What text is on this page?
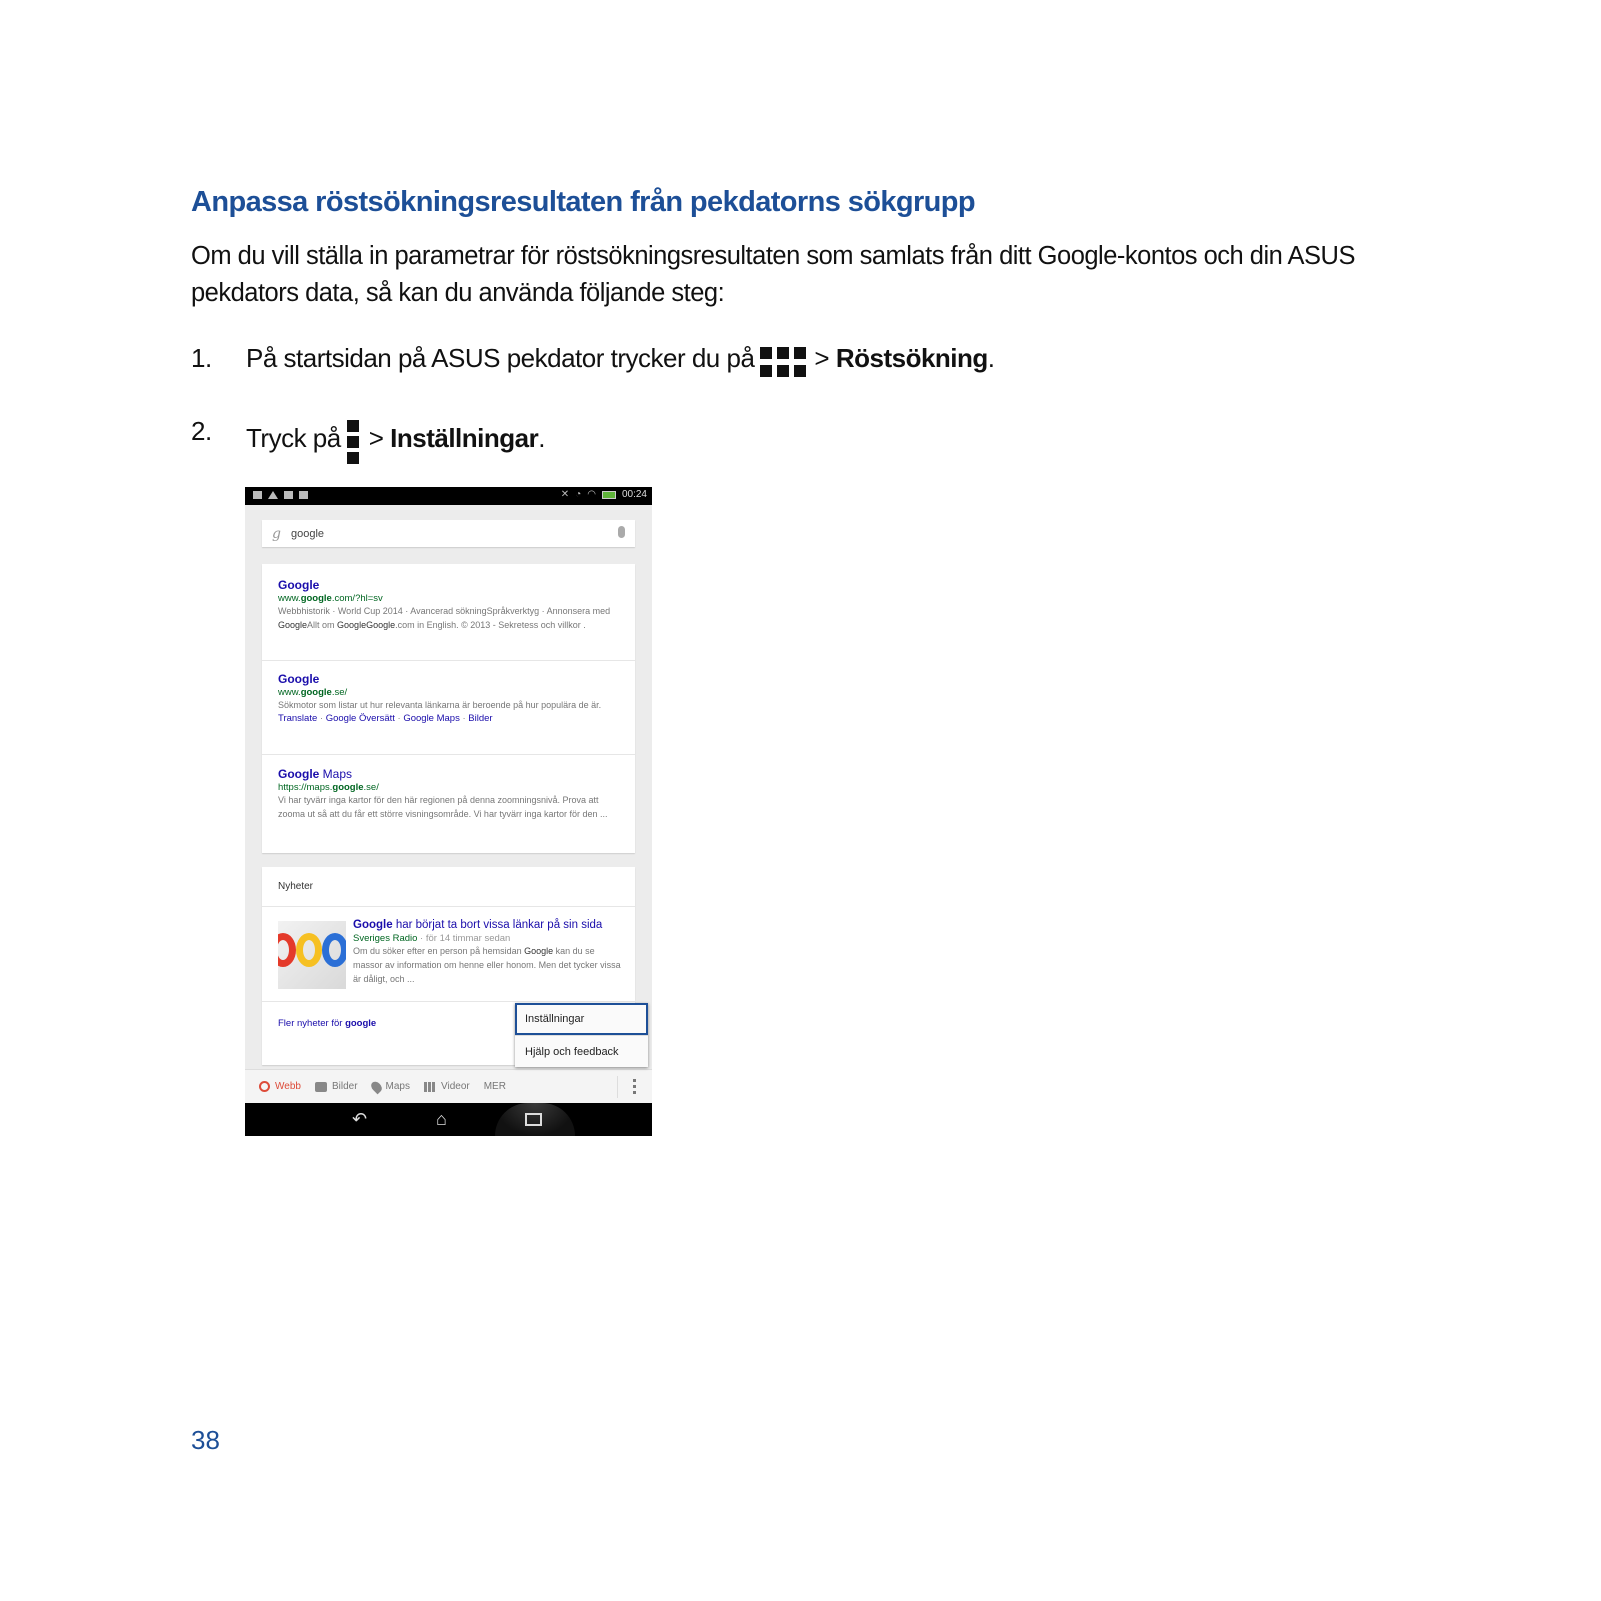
Anpassa röstsökningsresultaten från pekdatorns sökgrupp

Om du vill ställa in parametrar för röstsökningsresultaten som samlats från ditt Google-kontos och din ASUS pekdators data, så kan du använda följande steg:

1. På startsidan på ASUS pekdator trycker du på >
Röstsökning .
2. Tryck på >
Inställningar .
✕ ◔ ◠	00:24
g google
Google
www.google.com/?hl=sv
Webbhistorik · World Cup 2014 · Avancerad sökningSpråkverktyg · Annonsera med GoogleAllt om GoogleGoogle.com in English. © 2013 - Sekretess och villkor .
Google
www.google.se/
Sökmotor som listar ut hur relevanta länkarna är beroende på hur populära de är.
Translate · Google Översätt · Google Maps · Bilder
Google Maps
https://maps.google.se/
Vi har tyvärr inga kartor för den här regionen på denna zoomningsnivå. Prova att zooma ut så att du får ett större visningsområde. Vi har tyvärr inga kartor för den ...
Nyheter
Google har börjat ta bort vissa länkar på sin sida
Sveriges Radio · för 14 timmar sedan
Om du söker efter en person på hemsidan Google kan du se massor av information om henne eller honom. Men det tycker vissa är dåligt, och ...
Fler nyheter för google
Webb	Bilder	Maps	Videor MER
↶	⌂
Inställningar
Hjälp och feedback
38
